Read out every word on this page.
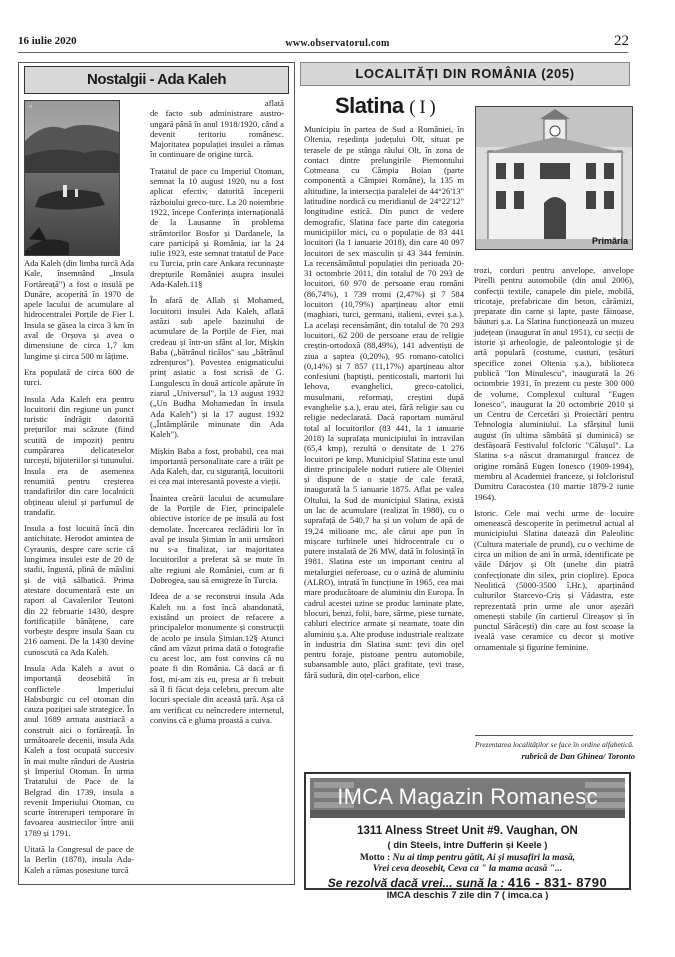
16 iulie 2020	www.observatorul.com	22
Nostalgii - Ada Kaleh
□
·

Ada Kaleh (din limba turcă Ada Kale, însemnând „Insula Fortăreață") a fost o insulă pe Dunăre, acoperită în 1970 de apele lacului de acumulare al hidrocentralei Porțile de Fier I. Insula se găsea la circa 3 km în aval de Orșova și avea o dimensiune de circa 1,7 km lungime și circa 500 m lățime.

Era populată de circa 600 de turci.

Insula Ada Kaleh era pentru locuitorii din regiune un punct turistic îndrăgit datorită prețurilor mai scăzute (fiind scutită de impozit) pentru cumpărarea delicateselor turcești, bijuteriilor și tutunului. Insula era de asemenea renumită pentru creșterea trandafirilor din care localnicii obțineau uleiul și parfumul de trandafir.

Insula a fost locuită încă din antichitate. Herodot amintea de Cyraunis, despre care scrie că lungimea insulei este de 20 de stadii, îngustă, plină de măslini și de viță sălbatică. Prima atestare documentară este un raport al Cavalerilor Teutoni din 22 februarie 1430, despre fortificațiile bănățene, care vorbește despre insula Saan cu 216 oameni. De la 1430 devine cunoscută ca Ada Kaleh.

Insula Ada Kaleh a avut o importanță deosebită în conflictele Imperiului Habsburgic cu cel otoman din cauza poziției sale strategice. În anul 1689 armata austriacă a construit aici o fortăreață. În următoarele decenii, insula Ada Kaleh a fost ocupată succesiv în mai multe rânduri de Austria și Imperiul Otoman. În urma Tratatului de Pace de la Belgrad din 1739, insula a revenit Imperiului Otoman, cu scurte întreruperi temporare în favoarea austriecilor între anii 1789 și 1791.

Uitată la Congresul de pace de la Berlin (1878), insula Ada-Kaleh a rămas posesiune turcă

aflată

de facto sub administrare austro-ungară până în anul 1918/1920, când a devenit teritoriu românesc. Majoritatea populației insulei a rămas în continuare de origine turcă.

Tratatul de pace cu Imperiul Otoman, semnat la 10 august 1920, nu a fost aplicat efectiv, datorită începerii războiului greco-turc. La 20 noiembrie 1922, începe Conferința internațională de la Lausanne în problema strâmtorilor Bosfor și Dardanele, la care participă și România, iar la 24 iulie 1923, este semnat tratatul de Pace cu Turcia, prin care Ankara recunoaște drepturile României asupra insulei Ada-Kaleh.11§

În afară de Allah și Mohamed, locuitorii insulei Ada Kaleh, aflată astăzi sub apele bazinului de acumulare de la Porțile de Fier, mai credeau și într-un sfânt al lor, Mișkin Baba („bătrânul ticălos" sau „bătrânul zdrențuros"). Povestea enigmaticului prinț asiatic a fost scrisă de G. Lungulescu în două articole apărute în ziarul „Universul", la 13 august 1932 („Un Budha Mohamedan în insula Ada Kaleh") și la 17 august 1932 („Întâmplările minunate din Ada Kaleh").

Mișkin Baba a fost, probabil, cea mai importantă personalitate care a trăit pe Ada Kaleh, dar, cu siguranță, locuitorii ei cea mai interesantă poveste a vieții.

Înaintea creării lacului de acumulare de la Porțile de Fier, principalele obiective istorice de pe insulă au fost demolate. Încercarea reclădirii lor în aval pe insula Șimian în anii următori nu s-a finalizat, iar majoritatea locuitorilor a preferat să se mute în alte regiuni ale României, cum ar fi Dobrogea, sau să emigreze în Turcia.

Ideea de a se reconstrui insula Ada Kaleh nu a fost încă abandonată, existând un proiect de refacere a principalelor monumente și construcții de acolo pe insula Șimian.12§ Atunci când am văzut prima dată o fotografie cu acest loc, am fost convins că nu poate fi din România. Că dacă ar fi fost, mi-am zis eu, presa ar fi trebuit să îl fi făcut deja celebru, precum alte locuri speciale din această țară. Așa că am verificat cu neîncredere internetul, convins că e gluma proastă a cuiva.

LOCALITĂȚI DIN ROMÂNIA (205)
Slatina ( I )

Municipiu în partea de Sud a României, în Oltenia, reședința județului Olt, situat pe terasele de pe stânga râului Olt, în zona de contact dintre prelungirile Piemontului Cotmeana cu Câmpia Boian (parte componentă a Câmpiei Române), la 135 m altitudine, la intersecția paralelei de 44°26'13" latitudine nordică cu meridianul de 24°22'12" longitudine estică. Din punct de vedere demografic, Slatina face parte din categoria municipiilor mici, cu o populație de 83 441 locuitori (la 1 ianuarie 2018), din care 40 097 locuitori de sex masculin și 43 344 feminin. La recensământul populației din perioada 20-31 octombrie 2011, din totalul de 70 293 de locuitori, 60 970 de persoane erau români (86,74%), 1 739 rromi (2,47%) și 7 584 locuitori (10,79%) aparțineau altor etnii (maghiari, turci, germani, italieni, evrei ș.a.). La același recensământ, din totalul de 70 293 locuitori, 62 200 de persoane erau de religie creștin-ortodoxă (88,49%), 141 adventiști de ziua a șaptea (0,20%), 95 romano-catolici (0,14%) și 7 857 (11,17%) aparțineau altor confesiuni (baptiști, penticostali, martorii lui Iehova, evanghelici, greco-catolici, musulmani, reformați, creștini după evanghelie ș.a.), erau atei, fără religie sau cu religie nedeclarată. Dacă raportam numărul total al locuitorilor (83 441, la 1 ianuarie 2018) la suprafața municipiului în intravilan (65,4 kmp), rezultă o densitate de 1 276 locuitori pe kmp. Municipiul Slatina este unul dintre principalele noduri rutiere ale Olteniei și dispune de o stație de cale ferată, inaugurată la 5 ianuarie 1875. Aflat pe valea Oltului, la Sud de municipiul Slatina, există un lac de acumulare (realizat în 1980), cu o suprafață de 540,7 ha și un volum de apă de 19,24 milioane mc, ale cărui ape pun în mișcare turbinele unei hidrocentrale cu o putere instalată de 26 MW, dată în folosință în 1981. Slatina este un important centru al metalurgiei neferoase, cu o uzină de aluminiu (ALRO), intrată în funcțiune în 1965, cea mai mare producătoare de aluminiu din Europa. În cadrul acestei uzine se produc laminate plate, blocuri, benzi, folii, bare, sârme, piese turnate, cabluri electrice armate și neamate, toate din aluminiu ș.a. Alte produse industriale realizate în industria din Slatina sunt: țevi din oțel pentru foraje, pistoane pentru automobile, subansamble auto, plăci grafitate, țevi trase, fără sudură, din oțel-carbon, elice

Primăria

trozi, corduri pentru anvelope, anvelope Pirelli pentru automobile (din anul 2006), confecții textile, canapele din piele, mobilă, tricotaje, prefabricate din beton, cărămizi, preparate din carne și lapte, paste făinoase, băuturi ș.a. La Slatina funcționează un muzeu județean (inaugurat în anul 1951), cu secții de istorie și arheologie, de paleontologie și de artă populară (costume, custuri, țesături specifice zonei Oltenia ș.a.), biblioteca publică "Ion Minulescu", inaugurată la 26 octombrie 1931, în prezent cu peste 300 000 de volume, Complexul cultural "Eugen Ionesco", inaugurat la 20 octombrie 2010 și un Centru de Cercetări și Proiectări pentru Tehnologia aluminiului. La sfârșitul lunii august (în ultima sâmbătă și duminică) se desfășoară Festivalul folcloric "Călușul". La Slatina s-a născut dramaturgul francez de origine română Eugen Ionesco (1909-1994), membru al Academiei franceze, și folcloristul Dumitru Caracostea (10 martie 1879-2 iunie 1964).

Istoric. Cele mai vechi urme de locuire omenească descoperite în perimetrul actual al municipiului Slatina datează din Paleolitic (Cultura materiale de prund), cu o vechime de circa un milion de ani în urmă, identificate pe văile Dârjov și Olt (unelte din piatră confecționate din silex, prin cioplire). Epoca Neolitică (5000-3500 î.Hr.), aparținând culturilor Starcevo-Criș și Vădastra, este reprezentată prin urme ale unor așezări omenești stabile (în cartierul Cireașov și în punctul Sărăcești) din care au fost scoase la iveală vase ceramice cu decor și motive ornamentale și figurine feminine.

Prezentarea localităților se face în ordine alfabetică.
rubrică de Dan Ghinea/ Toronto
IMCA Magazin Romanesc
1311 Alness Street Unit #9. Vaughan, ON
( din Steels, între Dufferin și Keele )
Motto : Nu ai timp pentru gătit, Ai și musafiri la masă,
Vrei ceva deosebit, Ceva ca " la mama acasă "...
Se rezolvă dacă vrei... sună la : 416 - 831- 8790
IMCA deschis 7 zile din 7 ( imca.ca )
